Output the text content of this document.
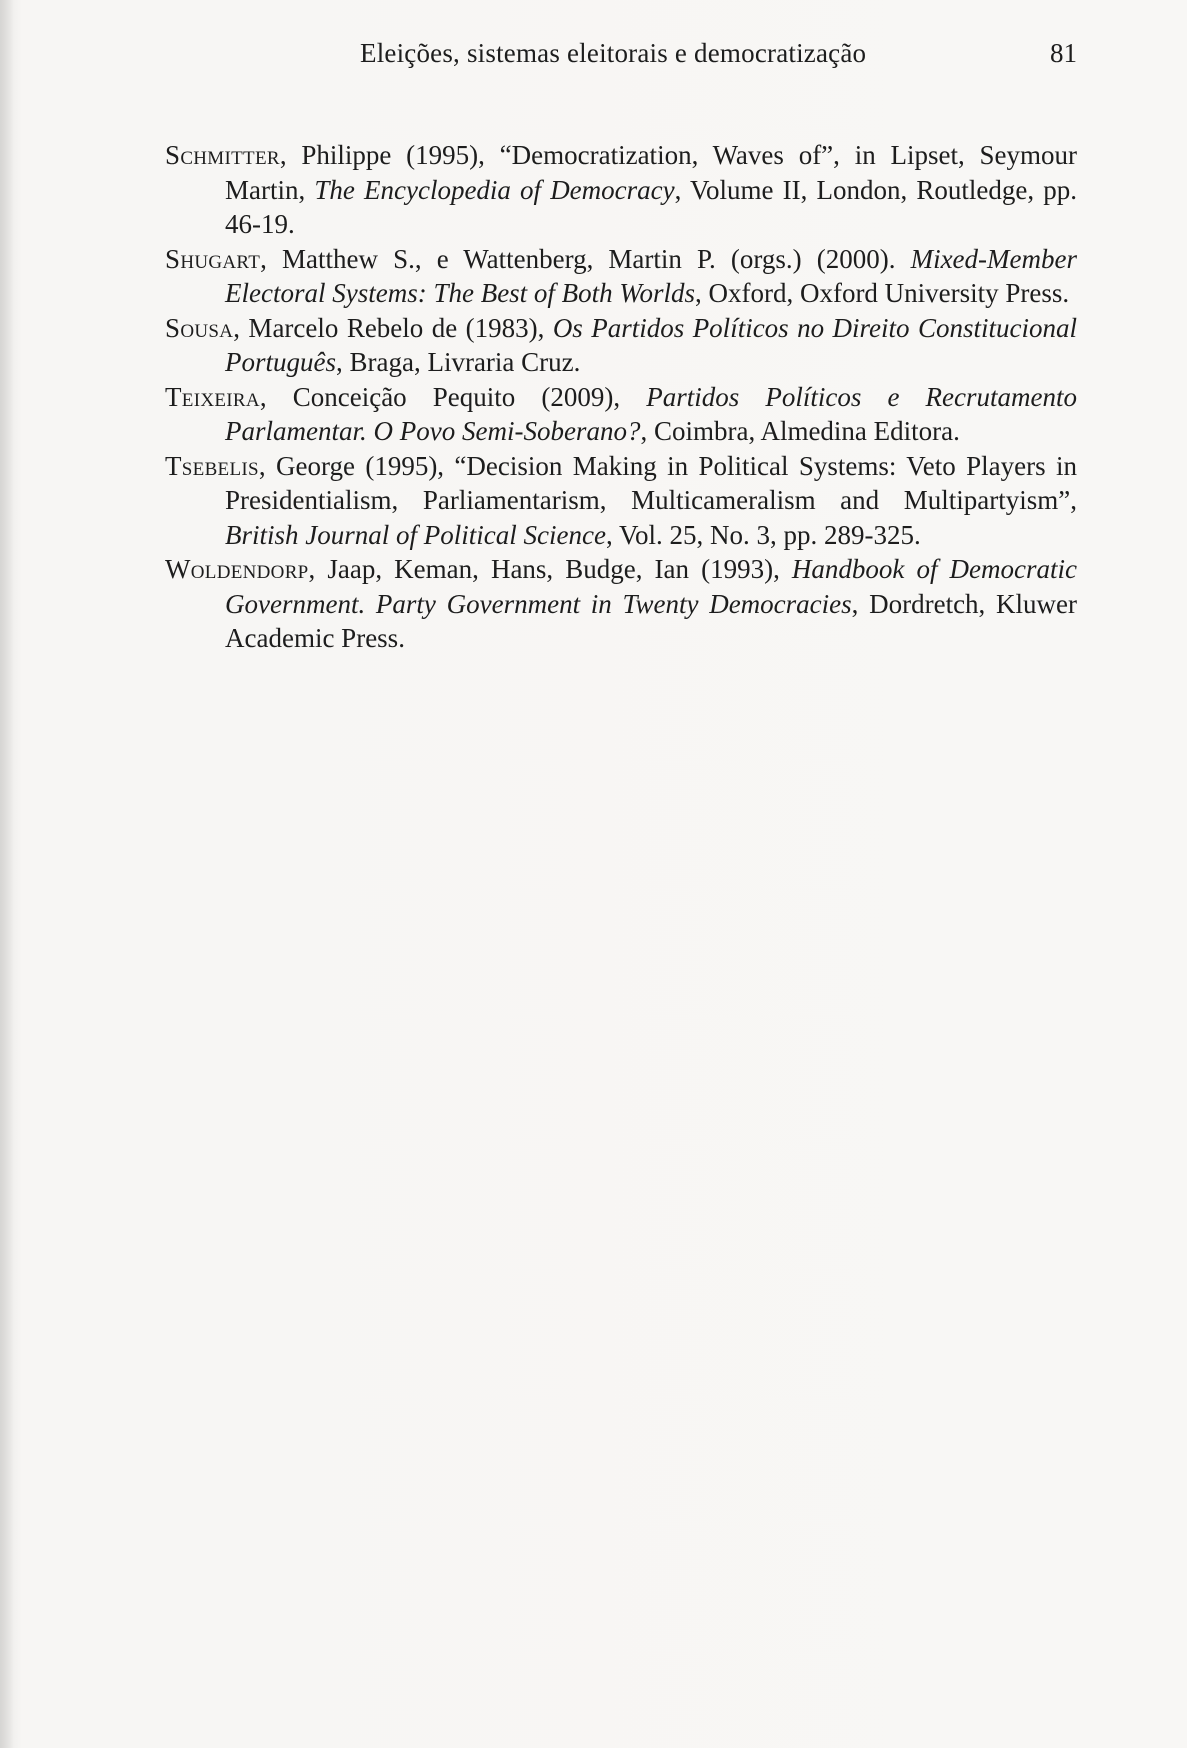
Eleições, sistemas eleitorais e democratização	81

Schmitter, Philippe (1995), “Democratization, Waves of”, in Lipset, Seymour Martin, The Encyclopedia of Democracy, Volume II, London, Routledge, pp. 46-19.

Shugart, Matthew S., e Wattenberg, Martin P. (orgs.) (2000). Mixed-Member Electoral Systems: The Best of Both Worlds, Oxford, Oxford University Press.

Sousa, Marcelo Rebelo de (1983), Os Partidos Políticos no Direito Constitucional Português, Braga, Livraria Cruz.

Teixeira, Conceição Pequito (2009), Partidos Políticos e Recrutamento Parlamentar. O Povo Semi-Soberano?, Coimbra, Almedina Editora.

Tsebelis, George (1995), “Decision Making in Political Systems: Veto Players in Presidentialism, Parliamentarism, Multicameralism and Multipartyism”, British Journal of Political Science, Vol. 25, No. 3, pp. 289-325.

Woldendorp, Jaap, Keman, Hans, Budge, Ian (1993), Handbook of Democratic Government. Party Government in Twenty Democracies, Dordretch, Kluwer Academic Press.
